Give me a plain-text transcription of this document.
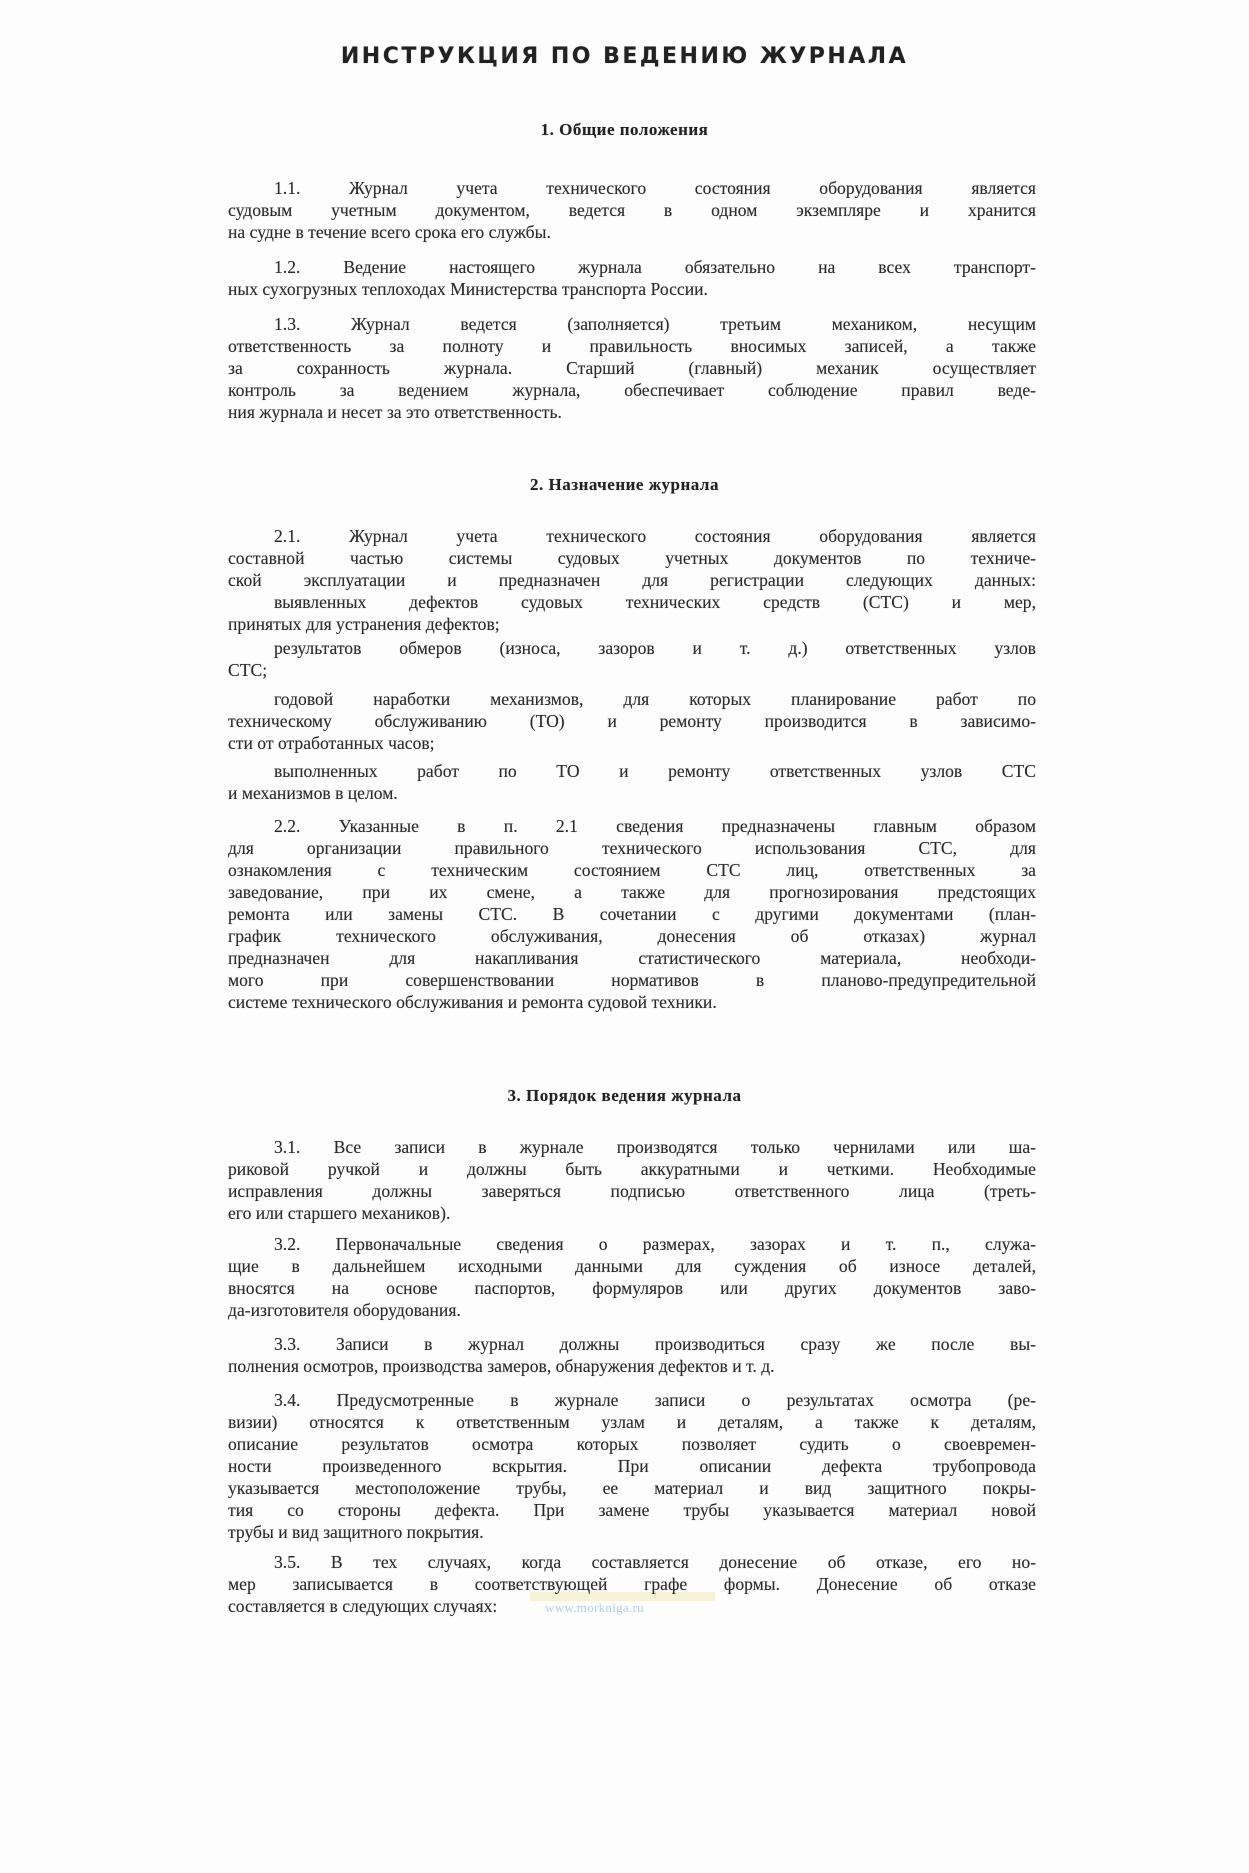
ИНСТРУКЦИЯ ПО ВЕДЕНИЮ ЖУРНАЛА
1. Общие положения
1.1. Журнал учета технического состояния оборудования является
судовым учетным документом, ведется в одном экземпляре и хранится
на судне в течение всего срока его службы.
1.2. Ведение настоящего журнала обязательно на всех транспорт-
ных сухогрузных теплоходах Министерства транспорта России.
1.3. Журнал ведется (заполняется) третьим механиком, несущим
ответственность за полноту и правильность вносимых записей, а также
за сохранность журнала. Старший (главный) механик осуществляет
контроль за ведением журнала, обеспечивает соблюдение правил веде-
ния журнала и несет за это ответственность.
2. Назначение журнала
2.1. Журнал учета технического состояния оборудования является
составной частью системы судовых учетных документов по техниче-
ской эксплуатации и предназначен для регистрации следующих данных:
выявленных дефектов судовых технических средств (СТС) и мер,
принятых для устранения дефектов;
результатов обмеров (износа, зазоров и т. д.) ответственных узлов
СТС;
годовой наработки механизмов, для которых планирование работ по
техническому обслуживанию (ТО) и ремонту производится в зависимо-
сти от отработанных часов;
выполненных работ по ТО и ремонту ответственных узлов СТС
и механизмов в целом.
2.2. Указанные в п. 2.1 сведения предназначены главным образом
для организации правильного технического использования СТС, для
ознакомления с техническим состоянием СТС лиц, ответственных за
заведование, при их смене, а также для прогнозирования предстоящих
ремонта или замены СТС. В сочетании с другими документами (план-
график технического обслуживания, донесения об отказах) журнал
предназначен для накапливания статистического материала, необходи-
мого при совершенствовании нормативов в планово-предупредительной
системе технического обслуживания и ремонта судовой техники.
3. Порядок ведения журнала
3.1. Все записи в журнале производятся только чернилами или ша-
риковой ручкой и должны быть аккуратными и четкими. Необходимые
исправления должны заверяться подписью ответственного лица (треть-
его или старшего механиков).
3.2. Первоначальные сведения о размерах, зазорах и т. п., служа-
щие в дальнейшем исходными данными для суждения об износе деталей,
вносятся на основе паспортов, формуляров или других документов заво-
да-изготовителя оборудования.
3.3. Записи в журнал должны производиться сразу же после вы-
полнения осмотров, производства замеров, обнаружения дефектов и т. д.
3.4. Предусмотренные в журнале записи о результатах осмотра (ре-
визии) относятся к ответственным узлам и деталям, а также к деталям,
описание результатов осмотра которых позволяет судить о своевремен-
ности произведенного вскрытия. При описании дефекта трубопровода
указывается местоположение трубы, ее материал и вид защитного покры-
тия со стороны дефекта. При замене трубы указывается материал новой
трубы и вид защитного покрытия.
3.5. В тех случаях, когда составляется донесение об отказе, его но-
мер записывается в соответствующей графе формы. Донесение об отказе
составляется в следующих случаях:	www.morkniga.ru
